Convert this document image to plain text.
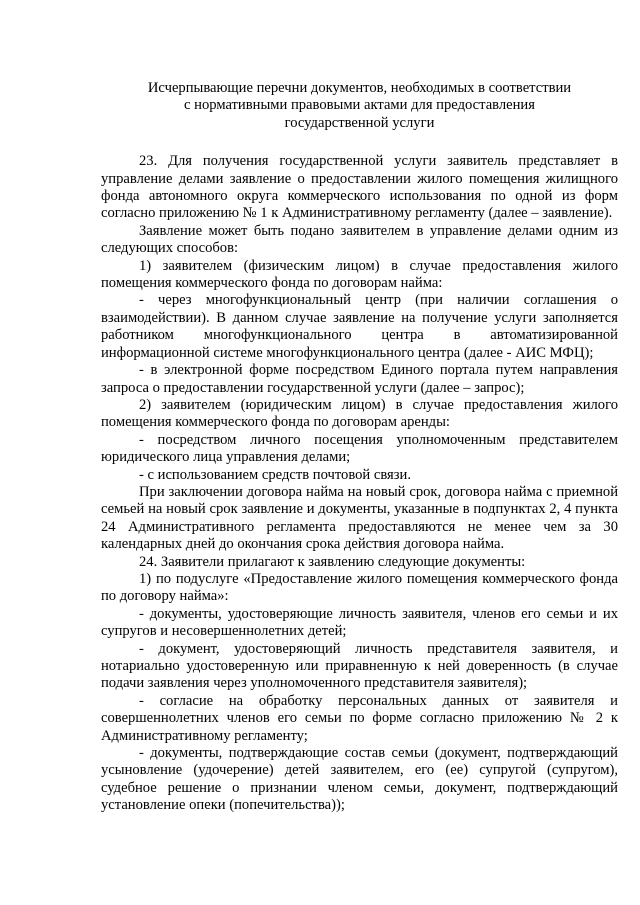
Исчерпывающие перечни документов, необходимых в соответствии
с нормативными правовыми актами для предоставления
государственной услуги

23. Для получения государственной услуги заявитель представляет в управление делами заявление о предоставлении жилого помещения жилищного фонда автономного округа коммерческого использования по одной из форм согласно приложению № 1 к Административному регламенту (далее – заявление).

Заявление может быть подано заявителем в управление делами одним из следующих способов:

1) заявителем (физическим лицом) в случае предоставления жилого помещения коммерческого фонда по договорам найма:

- через многофункциональный центр (при наличии соглашения о взаимодействии). В данном случае заявление на получение услуги заполняется работником многофункционального центра в автоматизированной информационной системе многофункционального центра (далее - АИС МФЦ);

- в электронной форме посредством Единого портала путем направления запроса о предоставлении государственной услуги (далее – запрос);

2) заявителем (юридическим лицом) в случае предоставления жилого помещения коммерческого фонда по договорам аренды:

- посредством личного посещения уполномоченным представителем юридического лица управления делами;

- с использованием средств почтовой связи.

При заключении договора найма на новый срок, договора найма с приемной семьей на новый срок заявление и документы, указанные в подпунктах 2, 4 пункта 24 Административного регламента предоставляются не менее чем за 30 календарных дней до окончания срока действия договора найма.

24. Заявители прилагают к заявлению следующие документы:

1) по подуслуге «Предоставление жилого помещения коммерческого фонда по договору найма»:

- документы, удостоверяющие личность заявителя, членов его семьи и их супругов и несовершеннолетних детей;

- документ, удостоверяющий личность представителя заявителя, и нотариально удостоверенную или приравненную к ней доверенность (в случае подачи заявления через уполномоченного представителя заявителя);

- согласие на обработку персональных данных от заявителя и совершеннолетних членов его семьи по форме согласно приложению № 2 к Административному регламенту;

- документы, подтверждающие состав семьи (документ, подтверждающий усыновление (удочерение) детей заявителем, его (ее) супругой (супругом), судебное решение о признании членом семьи, документ, подтверждающий установление опеки (попечительства));
